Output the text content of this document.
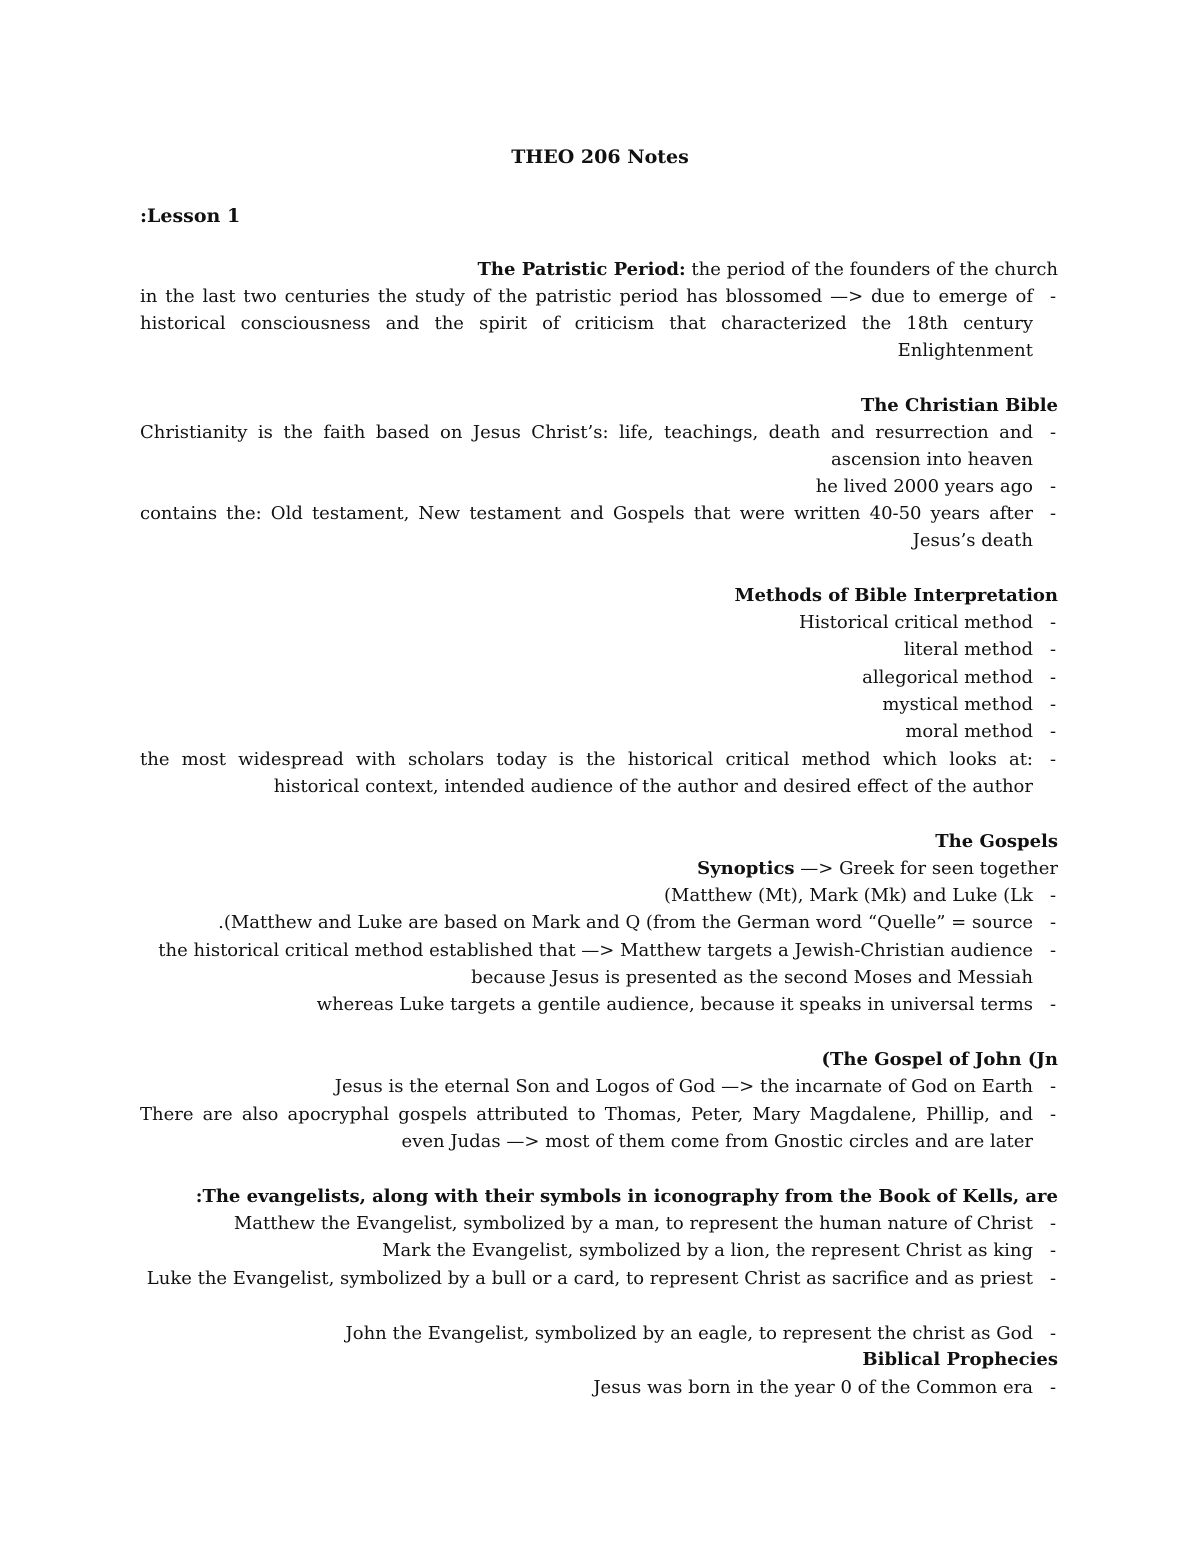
THEO 206 Notes
:Lesson 1
The Patristic Period: the period of the founders of the church
in the last two centuries the study of the patristic period has blossomed —> due to emerge of historical consciousness and the spirit of criticism that characterized the 18th century Enlightenment
-
The Christian Bible
Christianity is the faith based on Jesus Christ’s: life, teachings, death and resurrection and ascension into heaven
-
he lived 2000 years ago
-
contains the: Old testament, New testament and Gospels that were written 40-50 years after Jesus’s death
-
Methods of Bible Interpretation
Historical critical method
-
literal method
-
allegorical method
-
mystical method
-
moral method
-
the most widespread with scholars today is the historical critical method which looks at: historical context, intended audience of the author and desired effect of the author
-
The Gospels
Synoptics —> Greek for seen together
(Matthew (Mt), Mark (Mk) and Luke (Lk
-
.(Matthew and Luke are based on Mark and Q (from the German word “Quelle” = source
-
the historical critical method established that —> Matthew targets a Jewish-Christian audience because Jesus is presented as the second Moses and Messiah
-
whereas Luke targets a gentile audience, because it speaks in universal terms
-
(The Gospel of John (Jn
Jesus is the eternal Son and Logos of God —> the incarnate of God on Earth
-
There are also apocryphal gospels attributed to Thomas, Peter, Mary Magdalene, Phillip, and even Judas —> most of them come from Gnostic circles and are later
-
:The evangelists, along with their symbols in iconography from the Book of Kells, are
Matthew the Evangelist, symbolized by a man, to represent the human nature of Christ
-
Mark the Evangelist, symbolized by a lion, the represent Christ as king
-
Luke the Evangelist, symbolized by a bull or a card, to represent Christ as sacrifice and as priest
-
John the Evangelist, symbolized by an eagle, to represent the christ as God
-
Biblical Prophecies
Jesus was born in the year 0 of the Common era
-
